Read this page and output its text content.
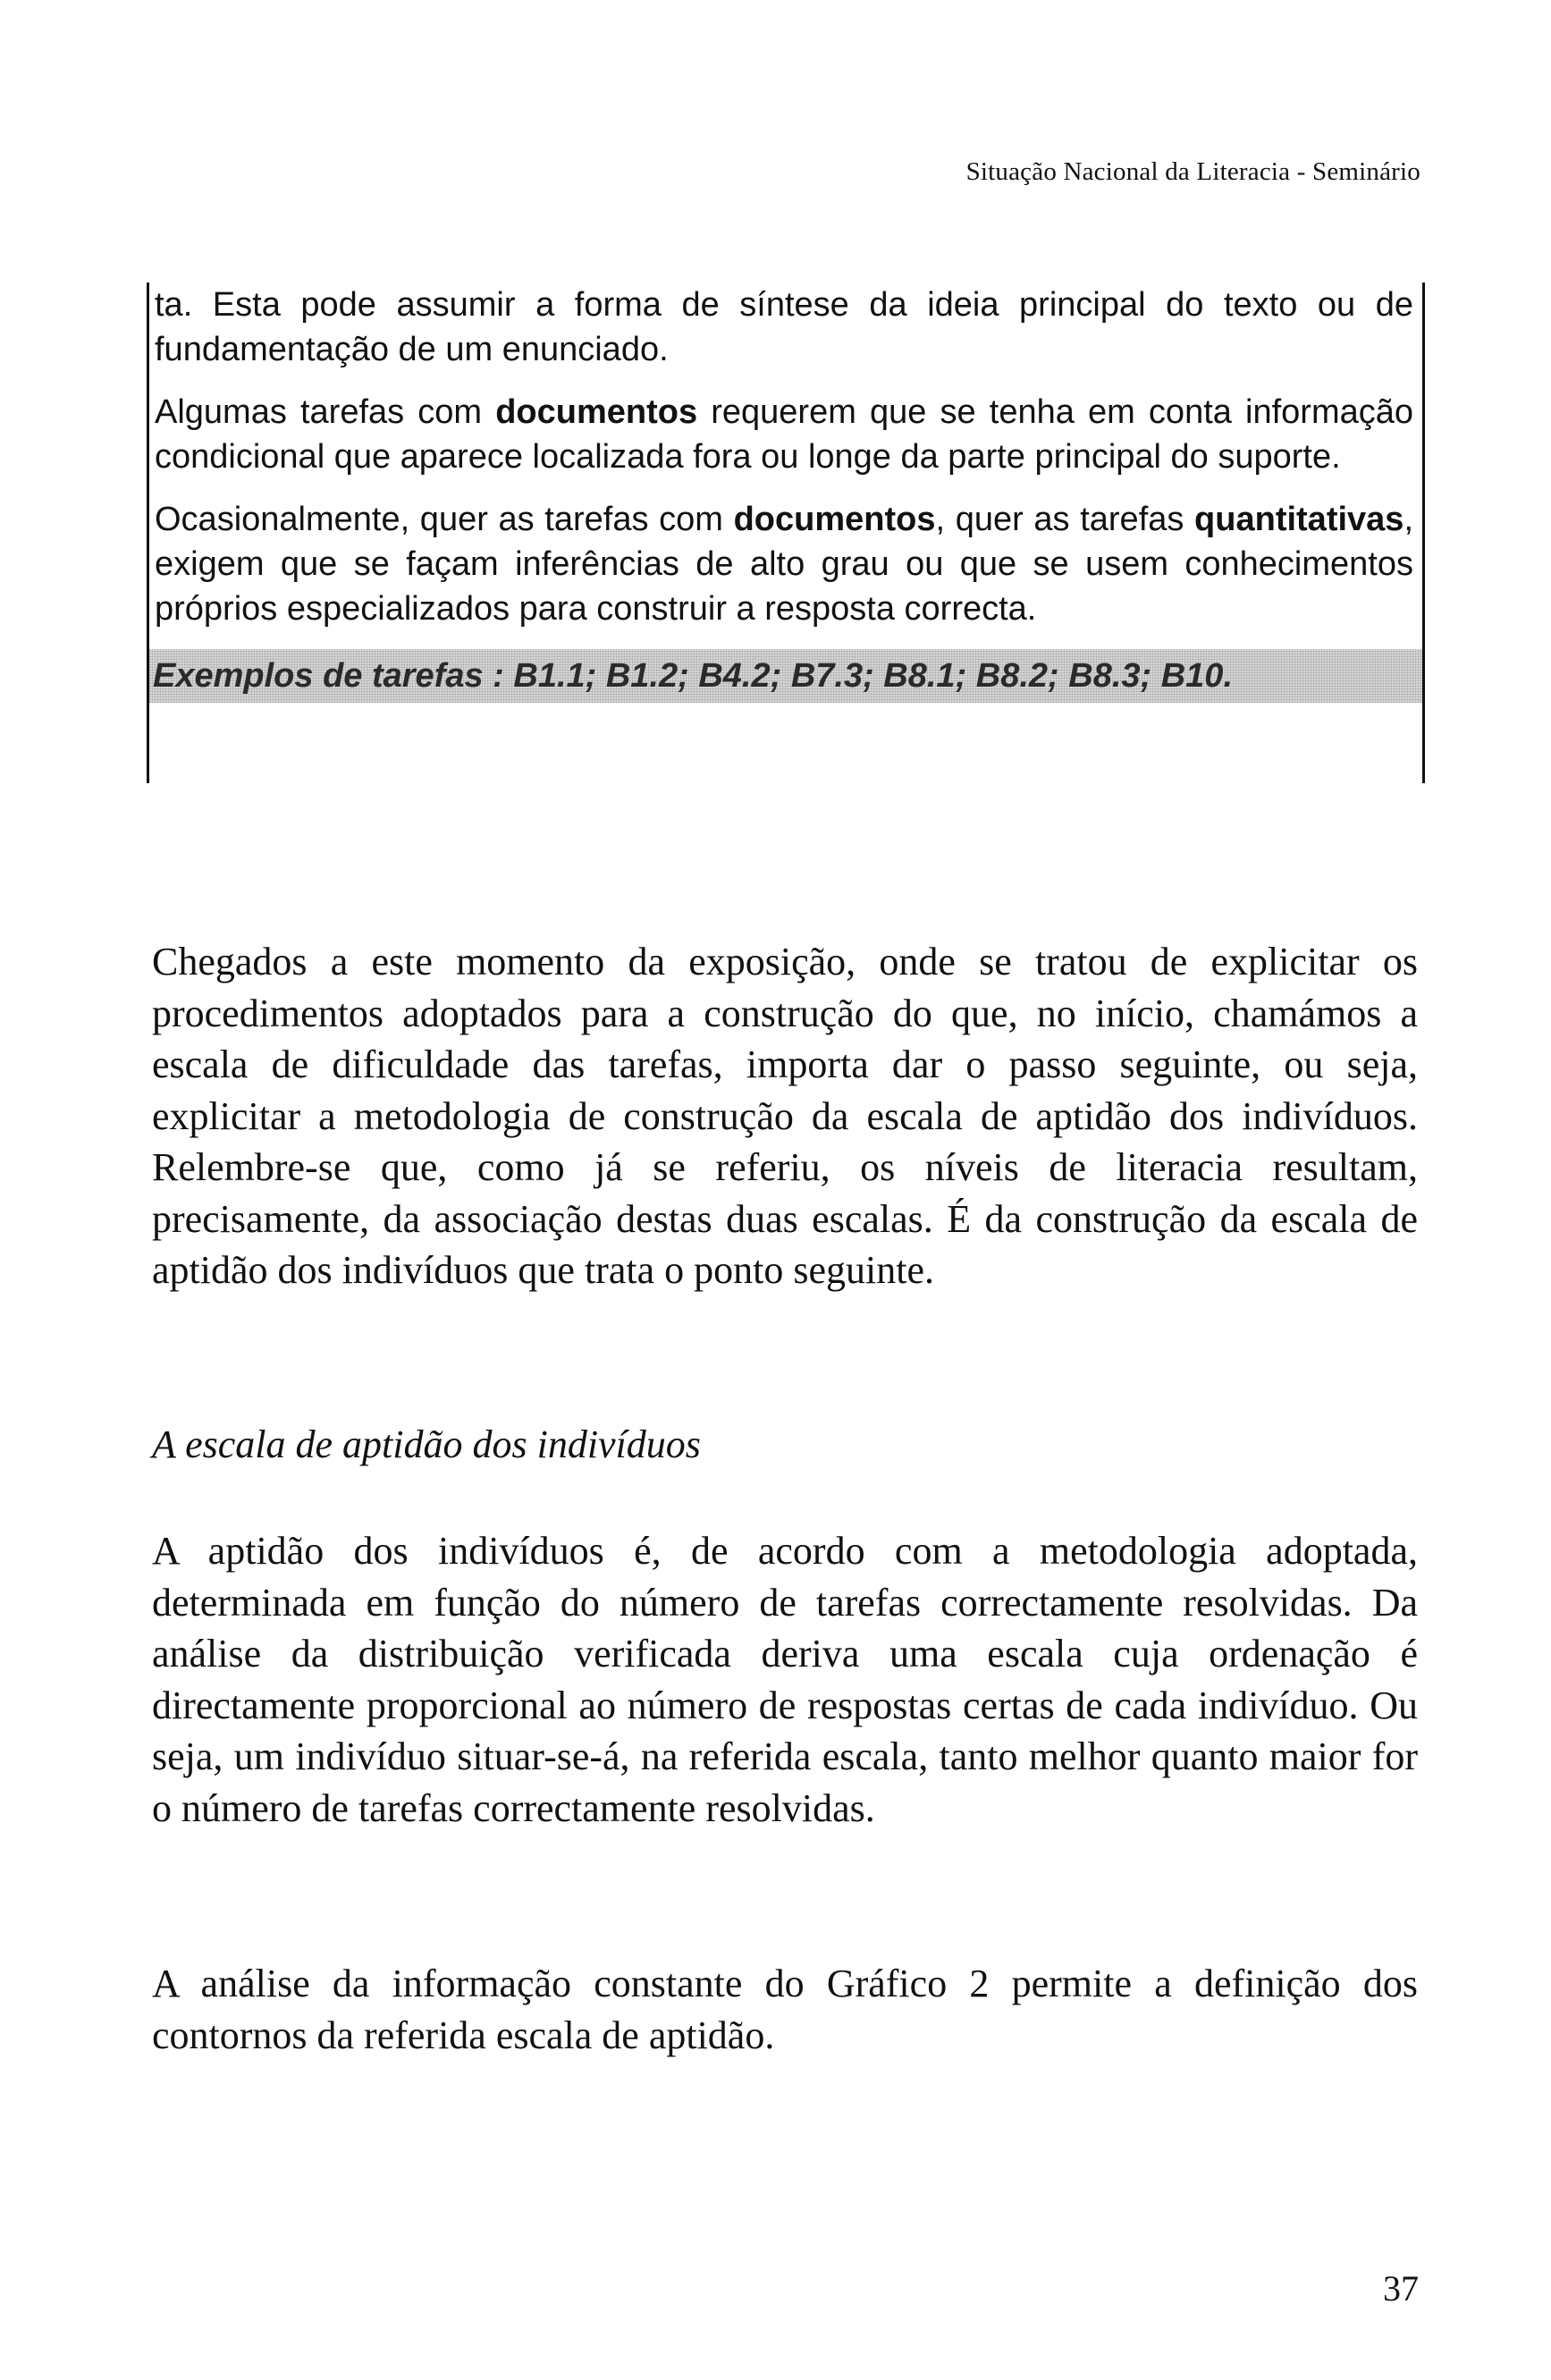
Situação Nacional da Literacia - Seminário

ta. Esta pode assumir a forma de síntese da ideia principal do texto ou de fundamentação de um enunciado.

Algumas tarefas com documentos requerem que se tenha em conta informação condicional que aparece localizada fora ou longe da parte principal do suporte.

Ocasionalmente, quer as tarefas com documentos, quer as tarefas quantitativas, exigem que se façam inferências de alto grau ou que se usem conhecimentos próprios especializados para construir a resposta correcta.

Exemplos de tarefas : B1.1; B1.2; B4.2; B7.3; B8.1; B8.2; B8.3; B10.

Chegados a este momento da exposição, onde se tratou de explicitar os procedimentos adoptados para a construção do que, no início, chamámos a escala de dificuldade das tarefas, importa dar o passo seguinte, ou seja, explicitar a metodologia de construção da escala de aptidão dos indivíduos. Relembre-se que, como já se referiu, os níveis de literacia resultam, precisamente, da associação destas duas escalas. É da construção da escala de aptidão dos indivíduos que trata o ponto seguinte.

A escala de aptidão dos indivíduos

A aptidão dos indivíduos é, de acordo com a metodologia adoptada, determinada em função do número de tarefas correctamente resolvidas. Da análise da distribuição verificada deriva uma escala cuja ordenação é directamente proporcional ao número de respostas certas de cada indivíduo. Ou seja, um indivíduo situar-se-á, na referida escala, tanto melhor quanto maior for o número de tarefas correctamente resolvidas.

A análise da informação constante do Gráfico 2 permite a definição dos contornos da referida escala de aptidão.

37
